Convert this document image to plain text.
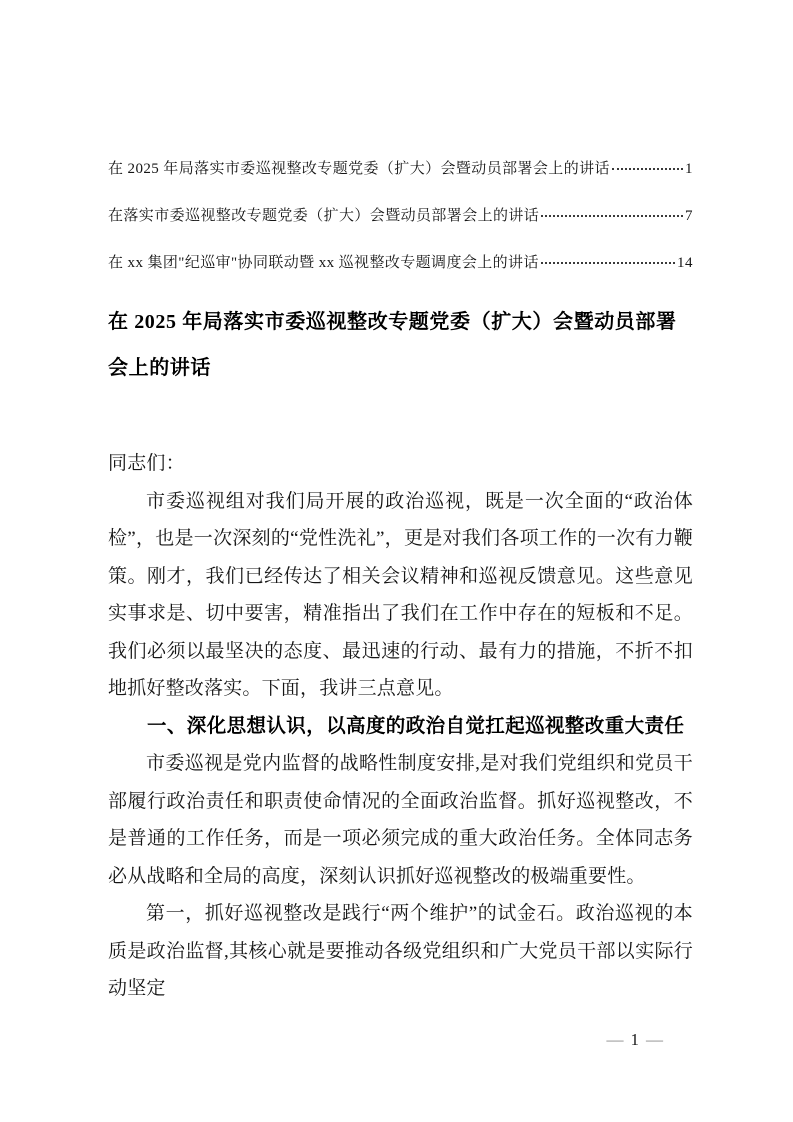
在 2025 年局落实市委巡视整改专题党委（扩大）会暨动员部署会上的讲话	1
在落实市委巡视整改专题党委（扩大）会暨动员部署会上的讲话	7
在 xx 集团"纪巡审"协同联动暨 xx 巡视整改专题调度会上的讲话	14
在 2025 年局落实市委巡视整改专题党委（扩大）会暨动员部署会上的讲话

同志们：

市委巡视组对我们局开展的政治巡视，既是一次全面的“政治体检”，也是一次深刻的“党性洗礼”，更是对我们各项工作的一次有力鞭策。刚才，我们已经传达了相关会议精神和巡视反馈意见。这些意见实事求是、切中要害，精准指出了我们在工作中存在的短板和不足。我们必须以最坚决的态度、最迅速的行动、最有力的措施，不折不扣地抓好整改落实。下面，我讲三点意见。

一、深化思想认识，以高度的政治自觉扛起巡视整改重大责任

市委巡视是党内监督的战略性制度安排,是对我们党组织和党员干部履行政治责任和职责使命情况的全面政治监督。抓好巡视整改，不是普通的工作任务，而是一项必须完成的重大政治任务。全体同志务必从战略和全局的高度，深刻认识抓好巡视整改的极端重要性。

第一，抓好巡视整改是践行“两个维护”的试金石。政治巡视的本质是政治监督,其核心就是要推动各级党组织和广大党员干部以实际行动坚定

— 1 —
